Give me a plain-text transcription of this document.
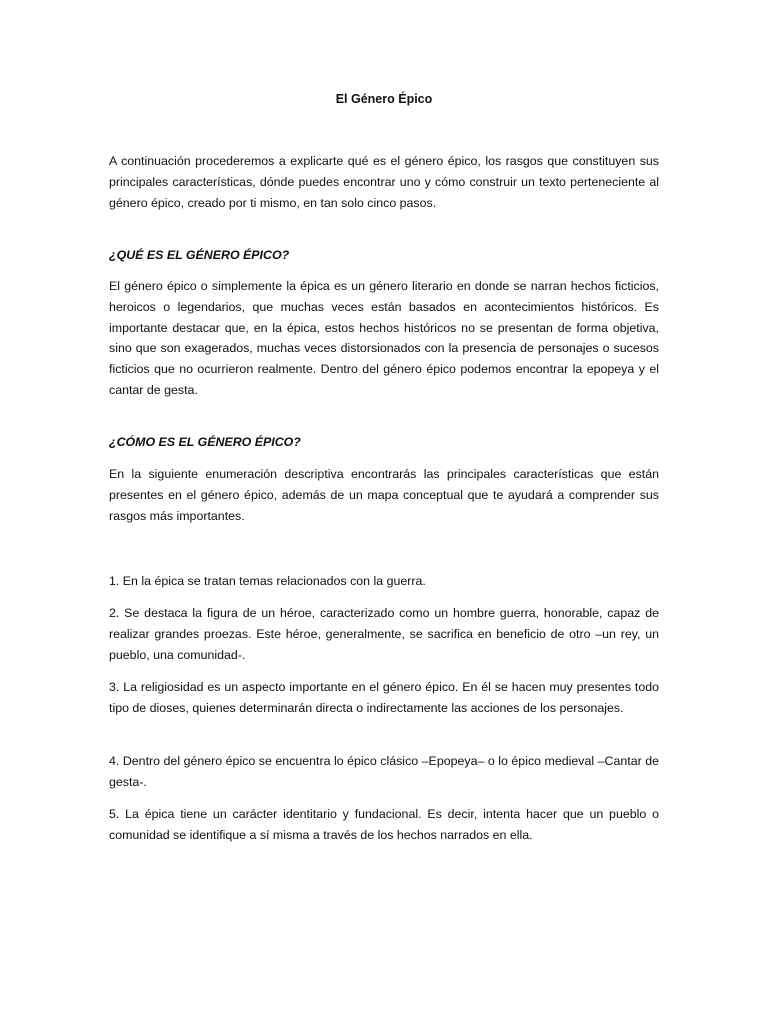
El Género Épico

A continuación procederemos a explicarte qué es el género épico, los rasgos que constituyen sus principales características, dónde puedes encontrar uno y cómo construir un texto perteneciente al género épico, creado por ti mismo, en tan solo cinco pasos.

¿QUÉ ES EL GÉNERO ÉPICO?

El género épico o simplemente la épica es un género literario en donde se narran hechos ficticios, heroicos o legendarios, que muchas veces están basados en acontecimientos históricos. Es importante destacar que, en la épica, estos hechos históricos no se presentan de forma objetiva, sino que son exagerados, muchas veces distorsionados con la presencia de personajes o sucesos ficticios que no ocurrieron realmente. Dentro del género épico podemos encontrar la epopeya y el cantar de gesta.

¿CÓMO ES EL GÉNERO ÉPICO?

En la siguiente enumeración descriptiva encontrarás las principales características que están presentes en el género épico, además de un mapa conceptual que te ayudará a comprender sus rasgos más importantes.

1. En la épica se tratan temas relacionados con la guerra.

2. Se destaca la figura de un héroe, caracterizado como un hombre guerra, honorable, capaz de realizar grandes proezas. Este héroe, generalmente, se sacrifica en beneficio de otro –un rey, un pueblo, una comunidad-.

3. La religiosidad es un aspecto importante en el género épico. En él se hacen muy presentes todo tipo de dioses, quienes determinarán directa o indirectamente las acciones de los personajes.

4. Dentro del género épico se encuentra lo épico clásico –Epopeya– o lo épico medieval –Cantar de gesta-.

5. La épica tiene un carácter identitario y fundacional. Es decir, intenta hacer que un pueblo o comunidad se identifique a sí misma a través de los hechos narrados en ella.
